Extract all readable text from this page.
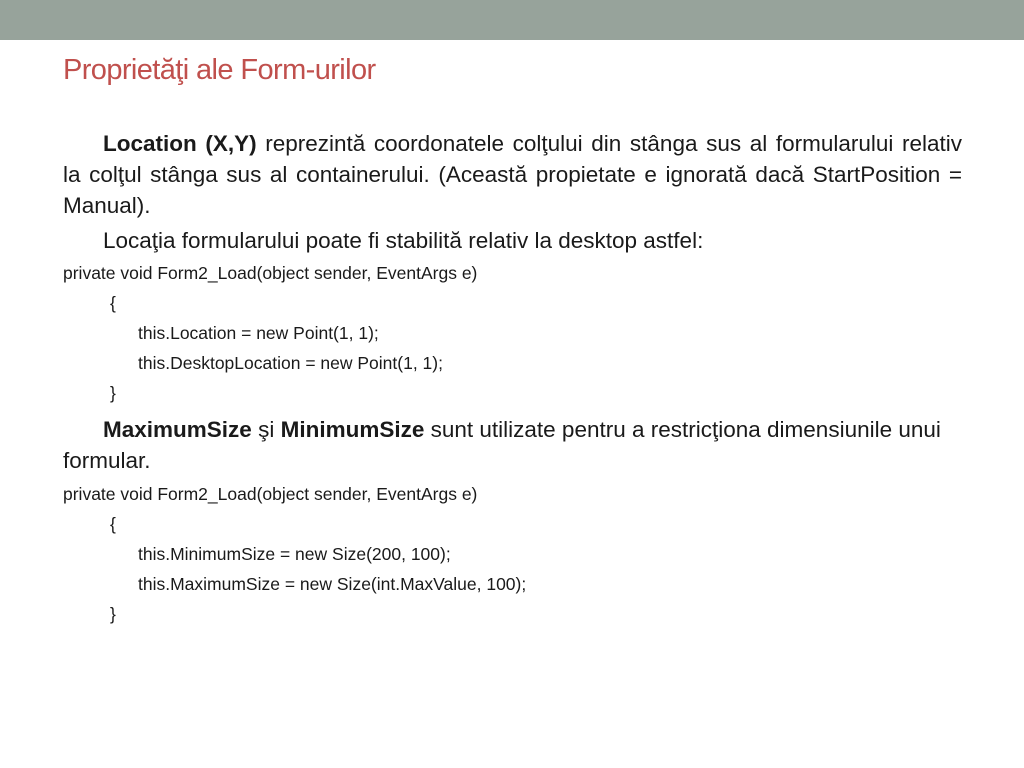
Proprietăţi ale Form-urilor

Location (X,Y) reprezintă coordonatele colţului din stânga sus al formularului relativ la colţul stânga sus al containerului. (Această propietate e ignorată dacă StartPosition = Manual).

Locaţia formularului poate fi stabilită relativ la desktop astfel:

private void Form2_Load(object sender, EventArgs e)

{

this.Location = new Point(1, 1);

this.DesktopLocation = new Point(1, 1);

}

MaximumSize şi MinimumSize sunt utilizate pentru a restricţiona dimensiunile unui formular.

private void Form2_Load(object sender, EventArgs e)

{

this.MinimumSize = new Size(200, 100);

this.MaximumSize = new Size(int.MaxValue, 100);

}
